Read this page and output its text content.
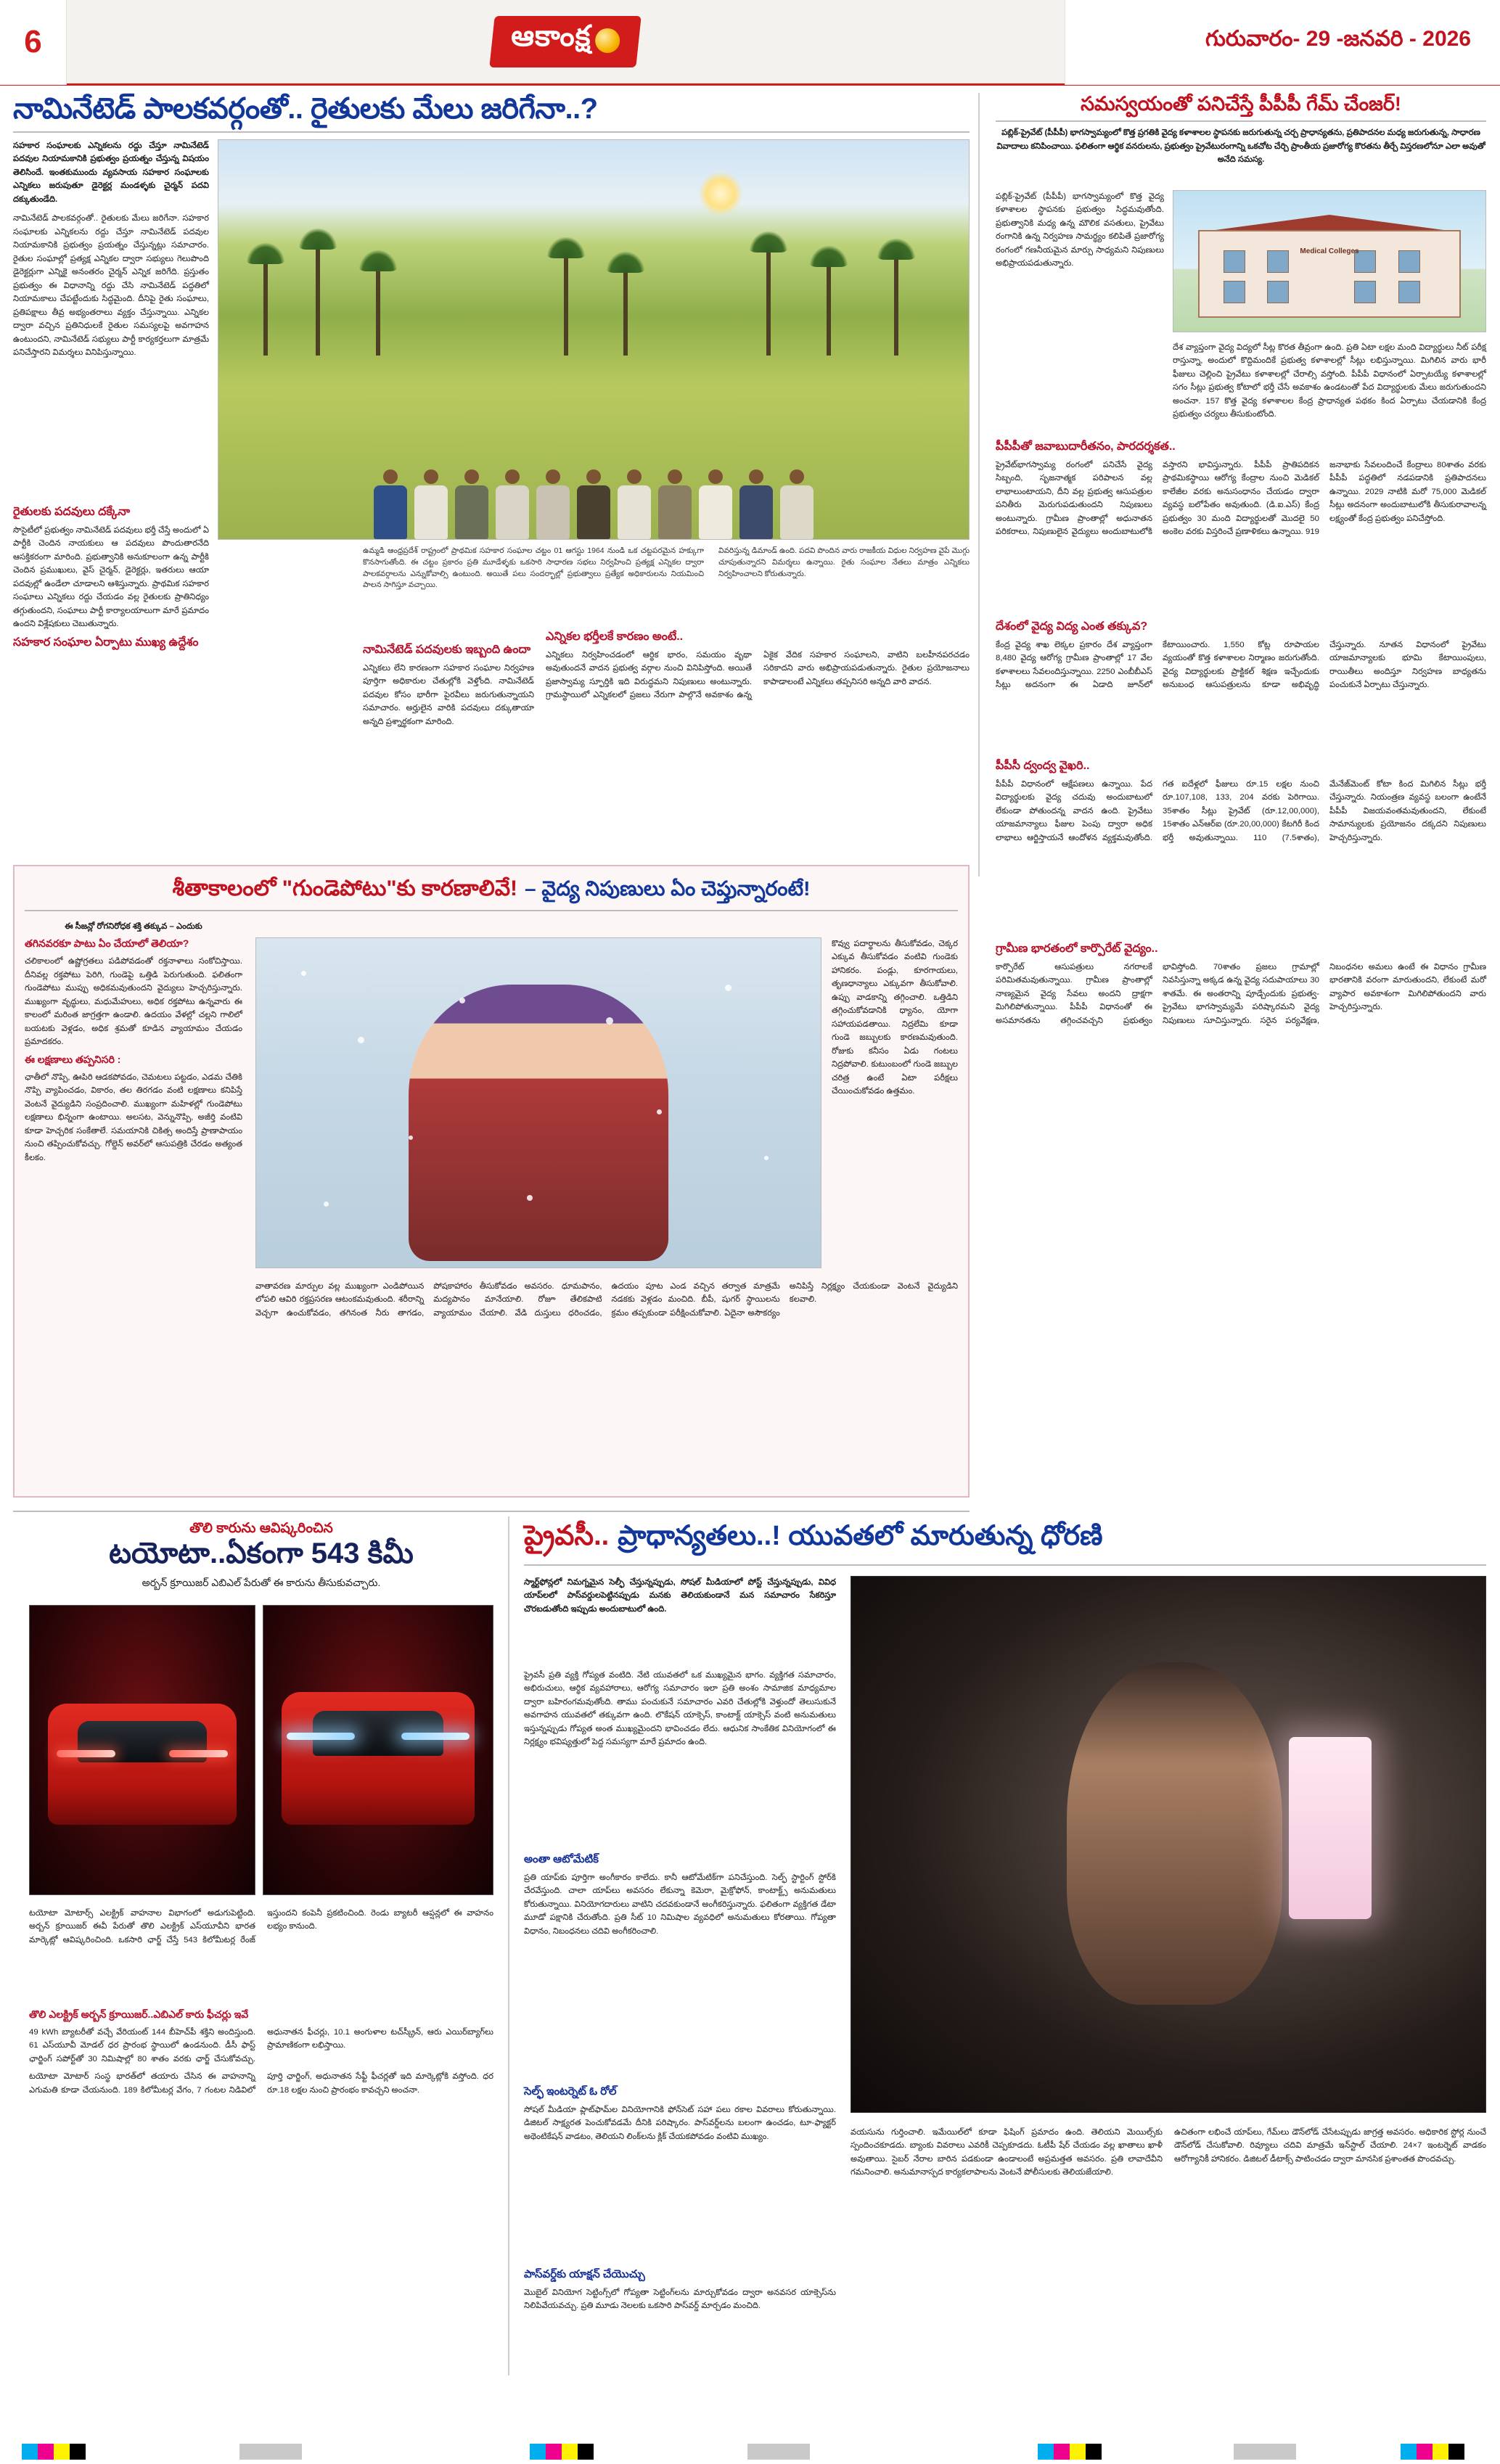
6	ఆకాంక్ష	గురువారం- 29 -జనవరి - 2026
నామినేటెడ్ పాలకవర్గంతో.. రైతులకు మేలు జరిగేనా..?
సహకార సంఘాలకు ఎన్నికలను రద్దు చేస్తూ నామినేటెడ్ పదవుల నియామకానికి ప్రభుత్వం ప్రయత్నం చేస్తున్న విషయం తెలిసిందే. ఇంతకుముందు వ్యవసాయ సహకార సంఘాలకు ఎన్నికలు జరుపుతూ డైరెక్టర్ల మండళ్ళకు చైర్మన్ పదవి దక్కుతుండేది.
నామినేటెడ్ పాలకవర్గంతో.. రైతులకు మేలు జరిగేనా. సహకార సంఘాలకు ఎన్నికలను రద్దు చేస్తూ నామినేటెడ్ పదవుల నియామకానికి ప్రభుత్వం ప్రయత్నం చేస్తున్నట్లు సమాచారం. రైతుల సంఘాల్లో ప్రత్యక్ష ఎన్నికల ద్వారా సభ్యులు గెలుపొంది డైరెక్టర్లుగా ఎన్నికై అనంతరం చైర్మన్ ఎన్నిక జరిగేది. ప్రస్తుతం ప్రభుత్వం ఈ విధానాన్ని రద్దు చేసి నామినేటెడ్ పద్ధతిలో నియామకాలు చేపట్టేందుకు సిద్ధమైంది. దీనిపై రైతు సంఘాలు, ప్రతిపక్షాలు తీవ్ర అభ్యంతరాలు వ్యక్తం చేస్తున్నాయి. ఎన్నికల ద్వారా వచ్చిన ప్రతినిధులకే రైతుల సమస్యలపై అవగాహన ఉంటుందని, నామినేటెడ్ సభ్యులు పార్టీ కార్యకర్తలుగా మాత్రమే పనిచేస్తారని విమర్శలు వినిపిస్తున్నాయి.
ఉమ్మడి ఆంధ్రప్రదేశ్ రాష్ట్రంలో ప్రాథమిక సహకార సంఘాల చట్టం 01 ఆగస్టు 1964 నుండి ఒక చట్టపరమైన హక్కుగా కొనసాగుతోంది. ఈ చట్టం ప్రకారం ప్రతి మూడేళ్ళకు ఒకసారి సాధారణ సభలు నిర్వహించి ప్రత్యక్ష ఎన్నికల ద్వారా పాలకవర్గాలను ఎన్నుకోవాల్సి ఉంటుంది. అయితే పలు సందర్భాల్లో ప్రభుత్వాలు ప్రత్యేక అధికారులను నియమించి పాలన సాగిస్తూ వచ్చాయి.
వివరిస్తున్న డిమాండ్ ఉంది. పదవి పొందిన వారు రాజకీయ విధుల నిర్వహణ వైపే మొగ్గు చూపుతున్నారని విమర్శలు ఉన్నాయి. రైతు సంఘాల నేతలు మాత్రం ఎన్నికలు నిర్వహించాలని కోరుతున్నారు.
రైతులకు పదవులు దక్కేనా
సొసైటీలో ప్రభుత్వం నామినేటెడ్ పదవులు భర్తీ చేస్తే అందులో ఏ పార్టీకి చెందిన నాయకులు ఆ పదవులు పొందుతారనేది ఆసక్తికరంగా మారింది. ప్రభుత్వానికి అనుకూలంగా ఉన్న పార్టీకి చెందిన ప్రముఖులు, వైస్ చైర్మన్, డైరెక్టర్లు, ఇతరులు ఆయా పదవుల్లో ఉండేలా చూడాలని ఆశిస్తున్నారు. ప్రాథమిక సహకార సంఘాలు ఎన్నికలు రద్దు చేయడం వల్ల రైతులకు ప్రాతినిధ్యం తగ్గుతుందని, సంఘాలు పార్టీ కార్యాలయాలుగా మారే ప్రమాదం ఉందని విశ్లేషకులు చెబుతున్నారు.
సహకార సంఘాల ఏర్పాటు ముఖ్య ఉద్దేశం
నామినేటెడ్ పదవులకు ఇబ్బంది ఉందా
ఎన్నికలు లేని కారణంగా సహకార సంఘాల నిర్వహణ పూర్తిగా అధికారుల చేతుల్లోకి వెళ్తోంది. నామినేటెడ్ పదవుల కోసం భారీగా పైరవీలు జరుగుతున్నాయని సమాచారం. అర్హులైన వారికి పదవులు దక్కుతాయా అన్నది ప్రశ్నార్థకంగా మారింది.
ఎన్నికల భర్తీలకే కారణం అంటే..
ఎన్నికలు నిర్వహించడంలో ఆర్థిక భారం, సమయం వృథా అవుతుందనే వాదన ప్రభుత్వ వర్గాల నుంచి వినిపిస్తోంది. అయితే ప్రజాస్వామ్య స్ఫూర్తికి ఇది విరుద్ధమని నిపుణులు అంటున్నారు. గ్రామస్థాయిలో ఎన్నికలలో ప్రజలు నేరుగా పాల్గొనే అవకాశం ఉన్న ఏకైక వేదిక సహకార సంఘాలని, వాటిని బలహీనపరచడం సరికాదని వారు అభిప్రాయపడుతున్నారు. రైతుల ప్రయోజనాలు కాపాడాలంటే ఎన్నికలు తప్పనిసరి అన్నది వారి వాదన.
సమస్వయంతో పనిచేస్తే పీపీపీ గేమ్ చేంజర్!
పబ్లిక్-ప్రైవేట్ (పీపీపీ) భాగస్వామ్యంలో కొత్త ప్రగతికి వైద్య కళాశాలల స్థాపనకు జరుగుతున్న చర్చ ప్రాధాన్యతను, ప్రతిపాదనల మధ్య జరుగుతున్న, సాధారణ వివాదాలు కనిపించాయి. ఫలితంగా ఆర్థిక వనరులను, ప్రభుత్వం ప్రైవేటురంగాన్ని ఒకచోట చేర్చి ప్రాంతీయ ప్రజారోగ్య కొరతను తీర్చే విస్తరణలోనూ ఎలా అవుతో అనేది సమస్య.
పబ్లిక్-ప్రైవేట్ (పీపీపీ) భాగస్వామ్యంలో కొత్త వైద్య కళాశాలల స్థాపనకు ప్రభుత్వం సిద్ధమవుతోంది. ప్రభుత్వానికి మధ్య ఉన్న మౌలిక వసతులు, ప్రైవేటు రంగానికి ఉన్న నిర్వహణ సామర్థ్యం కలిపితే ప్రజారోగ్య రంగంలో గణనీయమైన మార్పు సాధ్యమని నిపుణులు అభిప్రాయపడుతున్నారు.
Medical Colleges
దేశ వ్యాప్తంగా వైద్య విద్యలో సీట్ల కొరత తీవ్రంగా ఉంది. ప్రతి ఏటా లక్షల మంది విద్యార్థులు నీట్ పరీక్ష రాస్తున్నా, అందులో కొద్దిమందికే ప్రభుత్వ కళాశాలల్లో సీట్లు లభిస్తున్నాయి. మిగిలిన వారు భారీ ఫీజులు చెల్లించి ప్రైవేటు కళాశాలల్లో చేరాల్సి వస్తోంది. పీపీపీ విధానంలో ఏర్పాటయ్యే కళాశాలల్లో సగం సీట్లు ప్రభుత్వ కోటాలో భర్తీ చేసే అవకాశం ఉండటంతో పేద విద్యార్థులకు మేలు జరుగుతుందని అంచనా. 157 కొత్త వైద్య కళాశాలల కేంద్ర ప్రాధాన్యత పథకం కింద ఏర్పాటు చేయడానికి కేంద్ర ప్రభుత్వం చర్యలు తీసుకుంటోంది.
పీపీపీతో జవాబుదారీతనం, పారదర్శకత..
ప్రైవేట్‌భాగస్వామ్య రంగంలో పనిచేసే వైద్య సిబ్బంది, సృజనాత్మక పరిపాలన వల్ల లాభాలుంటాయని, దీని వల్ల ప్రభుత్వ ఆసుపత్రుల పనితీరు మెరుగుపడుతుందని నిపుణులు అంటున్నారు. గ్రామీణ ప్రాంతాల్లో అధునాతన పరికరాలు, నిపుణులైన వైద్యులు అందుబాటులోకి వస్తారని భావిస్తున్నారు. పీపీపీ ప్రాతిపదికన ప్రాథమికస్థాయి ఆరోగ్య కేంద్రాల నుంచి మెడికల్ కాలేజీల వరకు అనుసంధానం చేయడం ద్వారా వ్యవస్థ బలోపేతం అవుతుంది. (డి.ఐ.ఎస్) కేంద్ర ప్రభుత్వం 30 మంది విద్యార్థులతో మొదలై 50 అంకెల వరకు విస్తరించే ప్రణాళికలు ఉన్నాయి. 919 జనాభాకు సేవలందించే కేంద్రాలు 80శాతం వరకు పీపీపీ పద్ధతిలో నడపడానికి ప్రతిపాదనలు ఉన్నాయి. 2029 నాటికి మరో 75,000 మెడికల్ సీట్లు అదనంగా అందుబాటులోకి తీసుకురావాలన్న లక్ష్యంతో కేంద్ర ప్రభుత్వం పనిచేస్తోంది.
దేశంలో వైద్య విద్య ఎంత తక్కువ?
కేంద్ర వైద్య శాఖ లెక్కల ప్రకారం దేశ వ్యాప్తంగా 8,480 వైద్య ఆరోగ్య గ్రామీణ ప్రాంతాల్లో 17 వేల కళాశాలలు సేవలందిస్తున్నాయి. 2250 ఎంబీబీఎస్ సీట్లు అదనంగా ఈ ఏడాది జూన్‌లో కేటాయించారు. 1,550 కోట్ల రూపాయల వ్యయంతో కొత్త కళాశాలల నిర్మాణం జరుగుతోంది. వైద్య విద్యార్థులకు ప్రాక్టికల్ శిక్షణ ఇచ్చేందుకు అనుబంధ ఆసుపత్రులను కూడా అభివృద్ధి చేస్తున్నారు. నూతన విధానంలో ప్రైవేటు యాజమాన్యాలకు భూమి కేటాయింపులు, రాయితీలు అందిస్తూ నిర్వహణ బాధ్యతను పంచుకునే ఏర్పాటు చేస్తున్నారు.
పీపీసీ ద్వంద్వ వైఖరి..
పీపీపీ విధానంలో ఆక్షేపణలు ఉన్నాయి. పేద విద్యార్థులకు వైద్య చదువు అందుబాటులో లేకుండా పోతుందన్న వాదన ఉంది. ప్రైవేటు యాజమాన్యాలు ఫీజుల పెంపు ద్వారా అధిక లాభాలు ఆర్జిస్తాయనే ఆందోళన వ్యక్తమవుతోంది. గత ఐదేళ్లలో ఫీజులు రూ.15 లక్షల నుంచి రూ.107,108, 133, 204 వరకు పెరిగాయి. 35శాతం సీట్లు ప్రైవేట్ (రూ.12,00,000), 15శాతం ఎన్ఆర్ఐ (రూ.20,00,000) కేటగిరీ కింద భర్తీ అవుతున్నాయి. 110 (7.5శాతం), మేనేజ్‌మెంట్ కోటా కింద మిగిలిన సీట్లు భర్తీ చేస్తున్నారు. నియంత్రణ వ్యవస్థ బలంగా ఉంటేనే పీపీపీ విజయవంతమవుతుందని, లేకుంటే సామాన్యులకు ప్రయోజనం దక్కదని నిపుణులు హెచ్చరిస్తున్నారు.
గ్రామీణ భారతంలో కార్పొరేట్ వైద్యం..
కార్పొరేట్ ఆసుపత్రులు నగరాలకే పరిమితమవుతున్నాయి. గ్రామీణ ప్రాంతాల్లో నాణ్యమైన వైద్య సేవలు అందని ద్రాక్షగా మిగిలిపోతున్నాయి. పీపీపీ విధానంతో ఈ అసమానతను తగ్గించవచ్చని ప్రభుత్వం భావిస్తోంది. 70శాతం ప్రజలు గ్రామాల్లో నివసిస్తున్నా అక్కడ ఉన్న వైద్య సదుపాయాలు 30 శాతమే. ఈ అంతరాన్ని పూడ్చేందుకు ప్రభుత్వ-ప్రైవేటు భాగస్వామ్యమే పరిష్కారమని వైద్య నిపుణులు సూచిస్తున్నారు. సరైన పర్యవేక్షణ, నిబంధనల అమలు ఉంటే ఈ విధానం గ్రామీణ భారతానికి వరంగా మారుతుందని, లేకుంటే మరో వ్యాపార అవకాశంగా మిగిలిపోతుందని వారు హెచ్చరిస్తున్నారు.
శీతాకాలంలో "గుండెపోటు"కు కారణాలివే! – వైద్య నిపుణులు ఏం చెప్తున్నారంటే!
ఈ సీజన్లో రోగనిరోధక శక్తి తక్కువ – ఎందుకు
తగినవరకూ పాటు ఏం చేయాలో తెలియా?
చలికాలంలో ఉష్ణోగ్రతలు పడిపోవడంతో రక్తనాళాలు సంకోచిస్తాయి. దీనివల్ల రక్తపోటు పెరిగి, గుండెపై ఒత్తిడి పెరుగుతుంది. ఫలితంగా గుండెపోటు ముప్పు అధికమవుతుందని వైద్యులు హెచ్చరిస్తున్నారు. ముఖ్యంగా వృద్ధులు, మధుమేహులు, అధిక రక్తపోటు ఉన్నవారు ఈ కాలంలో మరింత జాగ్రత్తగా ఉండాలి. ఉదయం వేళల్లో చల్లని గాలిలో బయటకు వెళ్లడం, అధిక శ్రమతో కూడిన వ్యాయామం చేయడం ప్రమాదకరం.
ఈ లక్షణాలు తప్పనిసరి :
ఛాతీలో నొప్పి, ఊపిరి ఆడకపోవడం, చెమటలు పట్టడం, ఎడమ చేతికి నొప్పి వ్యాపించడం, వికారం, తల తిరగడం వంటి లక్షణాలు కనిపిస్తే వెంటనే వైద్యుడిని సంప్రదించాలి. ముఖ్యంగా మహిళల్లో గుండెపోటు లక్షణాలు భిన్నంగా ఉంటాయి. అలసట, వెన్నునొప్పి, అజీర్తి వంటివి కూడా హెచ్చరిక సంకేతాలే. సమయానికి చికిత్స అందిస్తే ప్రాణాపాయం నుంచి తప్పించుకోవచ్చు. గోల్డెన్ అవర్‌లో ఆసుపత్రికి చేరడం అత్యంత కీలకం.
కొవ్వు పదార్థాలను తీసుకోవడం, చెక్కర ఎక్కువ తీసుకోవడం వంటివి గుండెకు హానికరం. పండ్లు, కూరగాయలు, తృణధాన్యాలు ఎక్కువగా తీసుకోవాలి. ఉప్పు వాడకాన్ని తగ్గించాలి. ఒత్తిడిని తగ్గించుకోవడానికి ధ్యానం, యోగా సహాయపడతాయి. నిద్రలేమి కూడా గుండె జబ్బులకు కారణమవుతుంది. రోజుకు కనీసం ఏడు గంటలు నిద్రపోవాలి. కుటుంబంలో గుండె జబ్బుల చరిత్ర ఉంటే ఏటా పరీక్షలు చేయించుకోవడం ఉత్తమం.
వాతావరణ మార్పుల వల్ల ముఖ్యంగా ఎండిపోయిన లోపలి ఆవిరి రక్తప్రసరణ ఆటంకమవుతుంది. శరీరాన్ని వెచ్చగా ఉంచుకోవడం, తగినంత నీరు తాగడం, పోషకాహారం తీసుకోవడం అవసరం. ధూమపానం, మద్యపానం మానేయాలి. రోజూ తేలికపాటి వ్యాయామం చేయాలి. వేడి దుస్తులు ధరించడం, ఉదయం పూట ఎండ వచ్చిన తర్వాత మాత్రమే నడకకు వెళ్లడం మంచిది. బీపీ, షుగర్ స్థాయిలను క్రమం తప్పకుండా పరీక్షించుకోవాలి. ఏదైనా అసౌకర్యం అనిపిస్తే నిర్లక్ష్యం చేయకుండా వెంటనే వైద్యుడిని కలవాలి.
తొలి కారును ఆవిష్కరించిన
టయోటా..ఏకంగా 543 కిమీ
అర్బన్ క్రూయిజర్ ఎబిఎల్ పేరుతో ఈ కారును తీసుకువచ్చారు.
టయోటా మోటార్స్ ఎలక్ట్రిక్ వాహనాల విభాగంలో అడుగుపెట్టింది. అర్బన్ క్రూయిజర్ ఈవీ పేరుతో తొలి ఎలక్ట్రిక్ ఎస్‌యూవీని భారత మార్కెట్లో ఆవిష్కరించింది. ఒకసారి ఛార్జ్ చేస్తే 543 కిలోమీటర్ల రేంజ్ ఇస్తుందని కంపెనీ ప్రకటించింది. రెండు బ్యాటరీ ఆప్షన్లలో ఈ వాహనం లభ్యం కానుంది.
తొలి ఎలక్ట్రిక్ అర్బన్ క్రూయిజర్..ఎబిఎల్ కారు ఫీచర్లు ఇవే
49 kWh బ్యాటరీతో వచ్చే వేరియంట్ 144 బీహెచ్‌పీ శక్తిని అందిస్తుంది. 61 ఎస్‌యూవీ మోడల్ ధర ప్రారంభ స్థాయిలో ఉండనుంది. డీసీ ఫాస్ట్ ఛార్జింగ్ సపోర్ట్‌తో 30 నిమిషాల్లో 80 శాతం వరకు ఛార్జ్ చేసుకోవచ్చు. అధునాతన ఫీచర్లు, 10.1 అంగుళాల టచ్‌స్క్రీన్, ఆరు ఎయిర్‌బ్యాగ్‌లు ప్రామాణికంగా లభిస్తాయి.
టయోటా మోటార్ సంస్థ భారత్‌లో తయారు చేసిన ఈ వాహనాన్ని ఎగుమతి కూడా చేయనుంది. 189 కిలోమీటర్ల వేగం, 7 గంటల నిడివిలో పూర్తి ఛార్జింగ్, అధునాతన సేఫ్టీ ఫీచర్లతో ఇది మార్కెట్లోకి వస్తోంది. ధర రూ.18 లక్షల నుంచి ప్రారంభం కావచ్చని అంచనా.
ప్రైవసీ.. ప్రాధాన్యతలు..! యువతలో మారుతున్న ధోరణి
స్మార్ట్‌ఫోన్లలో నిమగ్నమైన సెల్ఫీ చేస్తున్నప్పుడు, సోషల్ మీడియాలో పోస్ట్ చేస్తున్నప్పుడు, వివిధ యాప్‌లలో పాస్‌వర్డులపెట్టినప్పుడు మనకు తెలియకుండానే మన సమాచారం సేకరిస్తూ చొరబడుతోంది ఇప్పుడు అందుబాటులో ఉంది.
ప్రైవసీ ప్రతి వ్యక్తి గోప్యత వంటిది. నేటి యువతలో ఒక ముఖ్యమైన భాగం. వ్యక్తిగత సమాచారం, అభిరుచులు, ఆర్థిక వ్యవహారాలు, ఆరోగ్య సమాచారం ఇలా ప్రతి అంశం సామాజిక మాధ్యమాల ద్వారా బహిరంగమవుతోంది. తాము పంచుకునే సమాచారం ఎవరి చేతుల్లోకి వెళ్తుందో తెలుసుకునే అవగాహన యువతలో తక్కువగా ఉంది. లొకేషన్ యాక్సెస్, కాంటాక్ట్ యాక్సెస్ వంటి అనుమతులు ఇస్తున్నప్పుడు గోప్యత అంత ముఖ్యమైందని భావించడం లేదు. ఆధునిక సాంకేతిక వినియోగంలో ఈ నిర్లక్ష్యం భవిష్యత్తులో పెద్ద సమస్యగా మారే ప్రమాదం ఉంది.
అంతా ఆటోమేటిక్
ప్రతి యాప్‌కు పూర్తిగా అంగీకారం కాలేదు. కానీ ఆటోమేటిక్‌గా పనిచేస్తుంది. సెల్ఫ్ స్టార్టింగ్ స్టోర్‌కి చేరవేస్తుంది. చాలా యాప్‌లు అవసరం లేకున్నా కెమెరా, మైక్రోఫోన్, కాంటాక్ట్స్ అనుమతులు కోరుతున్నాయి. వినియోగదారులు వాటిని చదవకుండానే అంగీకరిస్తున్నారు. ఫలితంగా వ్యక్తిగత డేటా మూడో పక్షానికి చేరుతోంది. ప్రతి సీట్ 10 నిమిషాల వ్యవధిలో అనుమతులు కోరతాయి. గోప్యతా విధానం, నిబంధనలు చదివి అంగీకరించాలి.
సెల్ఫ్ ఇంటర్నెట్ ఓ రోల్
సోషల్ మీడియా ప్లాట్‌ఫామ్‌ల వినియోగానికి ఫోన్‌సెట్ సహా పలు రకాల వివరాలు కోరుతున్నాయి. డిజిటల్ సాక్ష్యరత పెంచుకోవడమే దీనికి పరిష్కారం. పాస్‌వర్డ్‌లను బలంగా ఉంచడం, టూ-ఫ్యాక్టర్ అథెంటికేషన్ వాడటం, తెలియని లింక్‌లను క్లిక్ చేయకపోవడం వంటివి ముఖ్యం.
పాస్‌వర్డ్‌కు యాక్షన్ చేయొచ్చు
మొబైల్ వినియోగ సెట్టింగ్స్‌లో గోప్యతా సెట్టింగ్‌లను మార్చుకోవడం ద్వారా అనవసర యాక్సెస్‌ను నిలిపివేయవచ్చు. ప్రతి మూడు నెలలకు ఒకసారి పాస్‌వర్డ్ మార్చడం మంచిది.
వయసును గుర్తించాలి. ఇమేయిల్‌లో కూడా ఫిషింగ్ ప్రమాదం ఉంది. తెలియని మెయిల్స్‌కు స్పందించకూడదు. బ్యాంకు వివరాలు ఎవరికీ చెప్పకూడదు. ఓటీపీ షేర్ చేయడం వల్ల ఖాతాలు ఖాళీ అవుతాయి. సైబర్ నేరాల బారిన పడకుండా ఉండాలంటే అప్రమత్తత అవసరం. ప్రతి లావాదేవీని గమనించాలి. అనుమానాస్పద కార్యకలాపాలను వెంటనే పోలీసులకు తెలియజేయాలి.
ఉచితంగా లభించే యాప్‌లు, గేమ్‌లు డౌన్‌లోడ్ చేసేటప్పుడు జాగ్రత్త అవసరం. అధికారిక స్టోర్ల నుంచే డౌన్‌లోడ్ చేసుకోవాలి. రివ్యూలు చదివి మాత్రమే ఇన్‌స్టాల్ చేయాలి. 24×7 ఇంటర్నెట్ వాడకం ఆరోగ్యానికీ హానికరం. డిజిటల్ డీటాక్స్ పాటించడం ద్వారా మానసిక ప్రశాంతత పొందవచ్చు.
